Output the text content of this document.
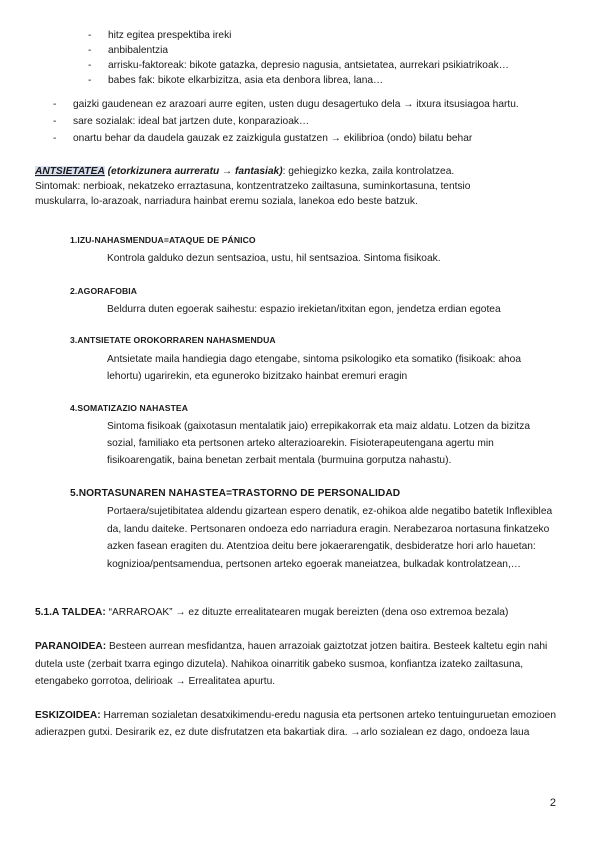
- hitz egitea prespektiba ireki
- anbibalentzia
- arrisku-faktoreak: bikote gatazka, depresio nagusia, antsietatea, aurrekari psikiatrikoak…
- babes fak: bikote elkarbizitza, asia eta denbora librea, lana…
- gaizki gaudenean ez arazoari aurre egiten, usten dugu desagertuko dela → itxura itsusiagoa hartu.
- sare sozialak: ideal bat jartzen dute, konparazioak…
- onartu behar da daudela gauzak ez zaizkigula gustatzen → ekilibrioa (ondo) bilatu behar
ANTSIETATEA (etorkizunera aurreratu → fantasiak): gehiegizko kezka, zaila kontrolatzea.
Sintomak: nerbioak, nekatzeko erraztasuna, kontzentratzeko zailtasuna, suminkortasuna, tentsio
muskularra, lo-arazoak, narriadura hainbat eremu soziala, lanekoa edo beste batzuk.
1.IZU-NAHASMENDUA=ATAQUE DE PÁNICO
Kontrola galduko dezun sentsazioa, ustu, hil sentsazioa. Sintoma fisikoak.
2.AGORAFOBIA
Beldurra duten egoerak saihestu: espazio irekietan/itxitan egon, jendetza erdian egotea
3.ANTSIETATE OROKORRAREN NAHASMENDUA
Antsietate maila handiegia dago etengabe, sintoma psikologiko eta somatiko (fisikoak: ahoa lehortu) ugarirekin, eta eguneroko bizitzako hainbat eremuri eragin
4.SOMATIZAZIO NAHASTEA
Sintoma fisikoak (gaixotasun mentalatik jaio) errepikakorrak eta maiz aldatu. Lotzen da bizitza sozial, familiako eta pertsonen arteko alterazioarekin. Fisioterapeutengana agertu min fisikoarengatik, baina benetan zerbait mentala (burmuina gorputza nahastu).
5.NORTASUNAREN NAHASTEA=TRASTORNO DE PERSONALIDAD
Portaera/sujetibitatea aldendu gizartean espero denatik, ez-ohikoa alde negatibo batetik Inflexiblea da, landu daiteke. Pertsonaren ondoeza edo narriadura eragin. Nerabezaroa nortasuna finkatzeko azken fasean eragiten du. Atentzioa deitu bere jokaerarengatik, desbideratze hori arlo hauetan: kognizioa/pentsamendua, pertsonen arteko egoerak maneiatzea, bulkadak kontrolatzean,…
5.1.A TALDEA: “ARRAROAK” → ez dituzte errealitatearen mugak bereizten (dena oso extremoa bezala)
PARANOIDEA: Besteen aurrean mesfidantza, hauen arrazoiak gaiztotzat jotzen baitira. Besteek kaltetu egin nahi dutela uste (zerbait txarra egingo dizutela). Nahikoa oinarritik gabeko susmoa, konfiantza izateko zailtasuna, etengabeko gorrotoa, delirioak → Errealitatea apurtu.
ESKIZOIDEA: Harreman sozialetan desatxikimendu-eredu nagusia eta pertsonen arteko tentuinguruetan emozioen adierazpen gutxi. Desirarik ez, ez dute disfrutatzen eta bakartiak dira. →arlo sozialean ez dago, ondoeza laua
2
